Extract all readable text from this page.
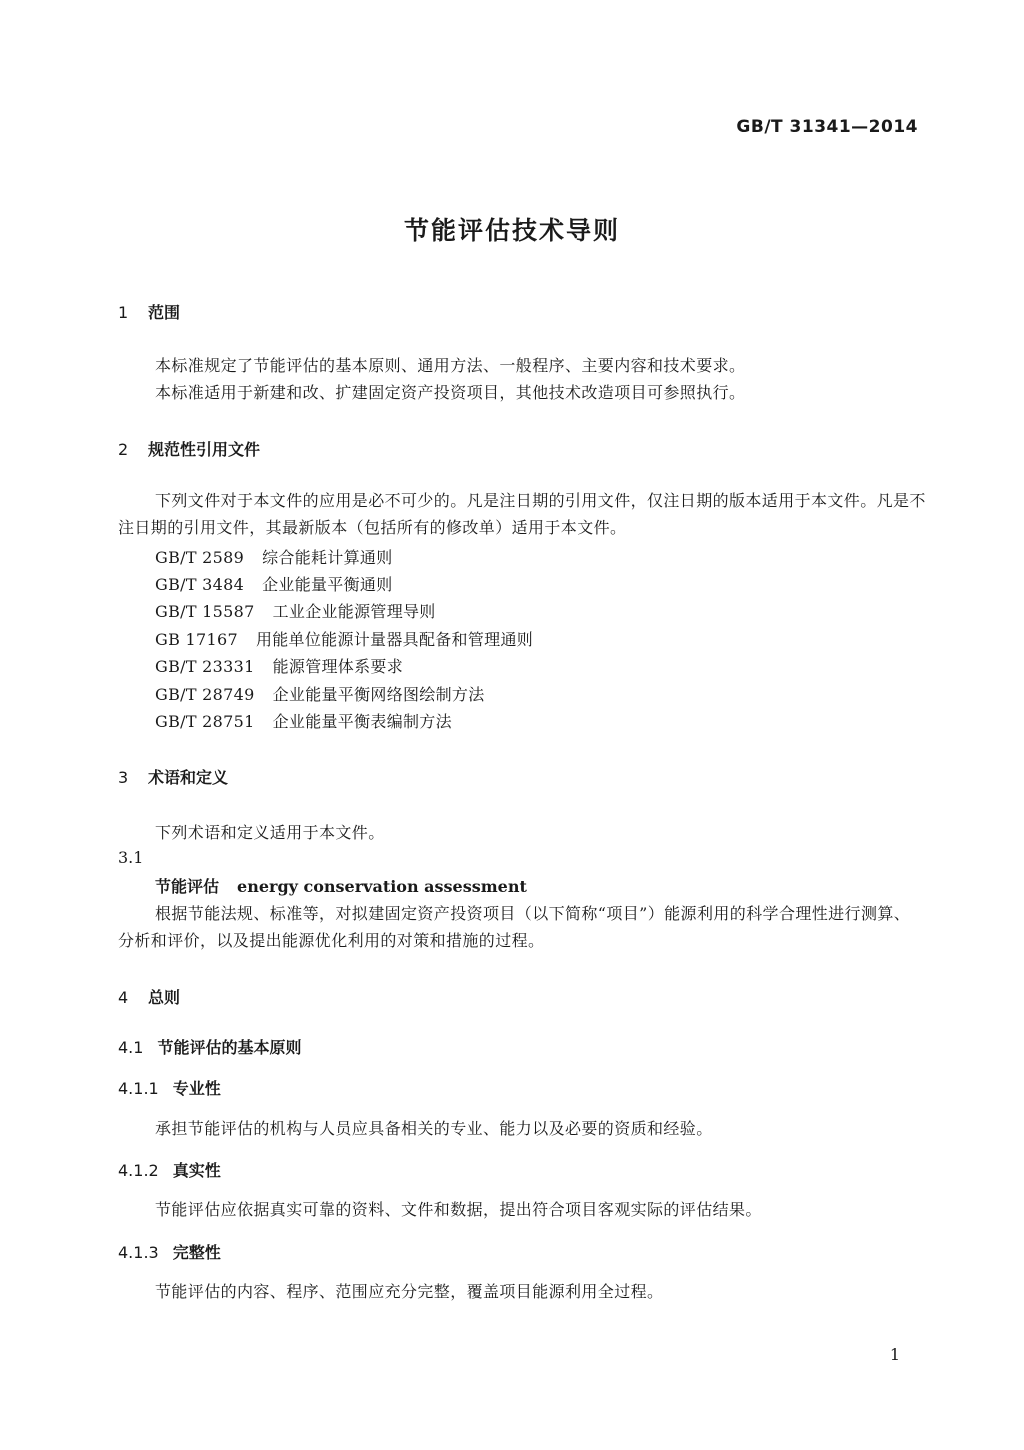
GB/T 31341—2014
节能评估技术导则
1 范围
本标准规定了节能评估的基本原则、通用方法、一般程序、主要内容和技术要求。
本标准适用于新建和改、扩建固定资产投资项目，其他技术改造项目可参照执行。
2 规范性引用文件
下列文件对于本文件的应用是必不可少的。凡是注日期的引用文件，仅注日期的版本适用于本文件。凡是不注日期的引用文件，其最新版本（包括所有的修改单）适用于本文件。
GB/T 2589 综合能耗计算通则
GB/T 3484 企业能量平衡通则
GB/T 15587 工业企业能源管理导则
GB 17167 用能单位能源计量器具配备和管理通则
GB/T 23331 能源管理体系要求
GB/T 28749 企业能量平衡网络图绘制方法
GB/T 28751 企业能量平衡表编制方法
3 术语和定义
下列术语和定义适用于本文件。
3.1
节能评估 energy conservation assessment
根据节能法规、标准等，对拟建固定资产投资项目（以下简称“项目”）能源利用的科学合理性进行测算、分析和评价，以及提出能源优化利用的对策和措施的过程。
4 总则
4.1 节能评估的基本原则
4.1.1 专业性
承担节能评估的机构与人员应具备相关的专业、能力以及必要的资质和经验。
4.1.2 真实性
节能评估应依据真实可靠的资料、文件和数据，提出符合项目客观实际的评估结果。
4.1.3 完整性
节能评估的内容、程序、范围应充分完整，覆盖项目能源利用全过程。
1
